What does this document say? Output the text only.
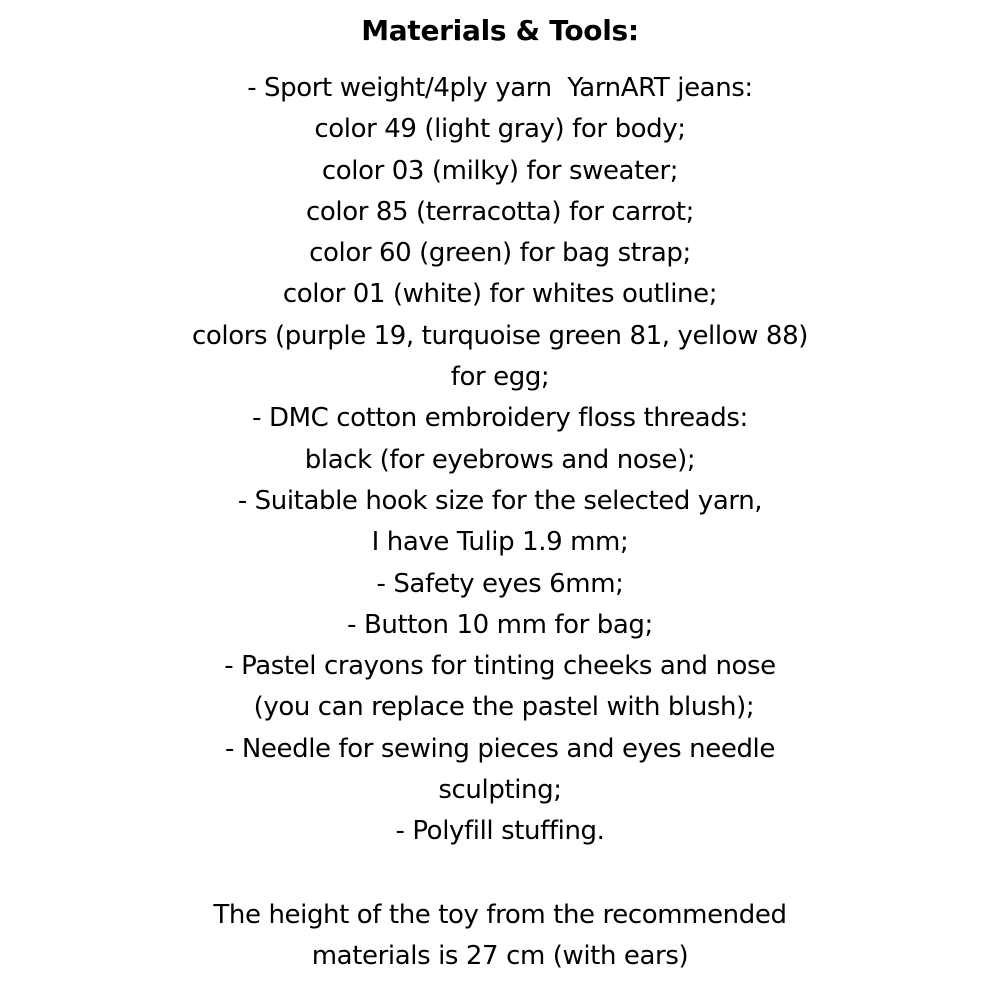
Materials & Tools:
- Sport weight/4ply yarn  YarnART jeans:
color 49 (light gray) for body;
color 03 (milky) for sweater;
color 85 (terracotta) for carrot;
color 60 (green) for bag strap;
color 01 (white) for whites outline;
colors (purple 19, turquoise green 81, yellow 88)
for egg;
- DMC cotton embroidery floss threads:
black (for eyebrows and nose);
- Suitable hook size for the selected yarn,
I have Tulip 1.9 mm;
- Safety eyes 6mm;
- Button 10 mm for bag;
- Pastel crayons for tinting cheeks and nose
(you can replace the pastel with blush);
- Needle for sewing pieces and eyes needle
sculpting;
- Polyfill stuffing.
The height of the toy from the recommended
materials is 27 cm (with ears)
